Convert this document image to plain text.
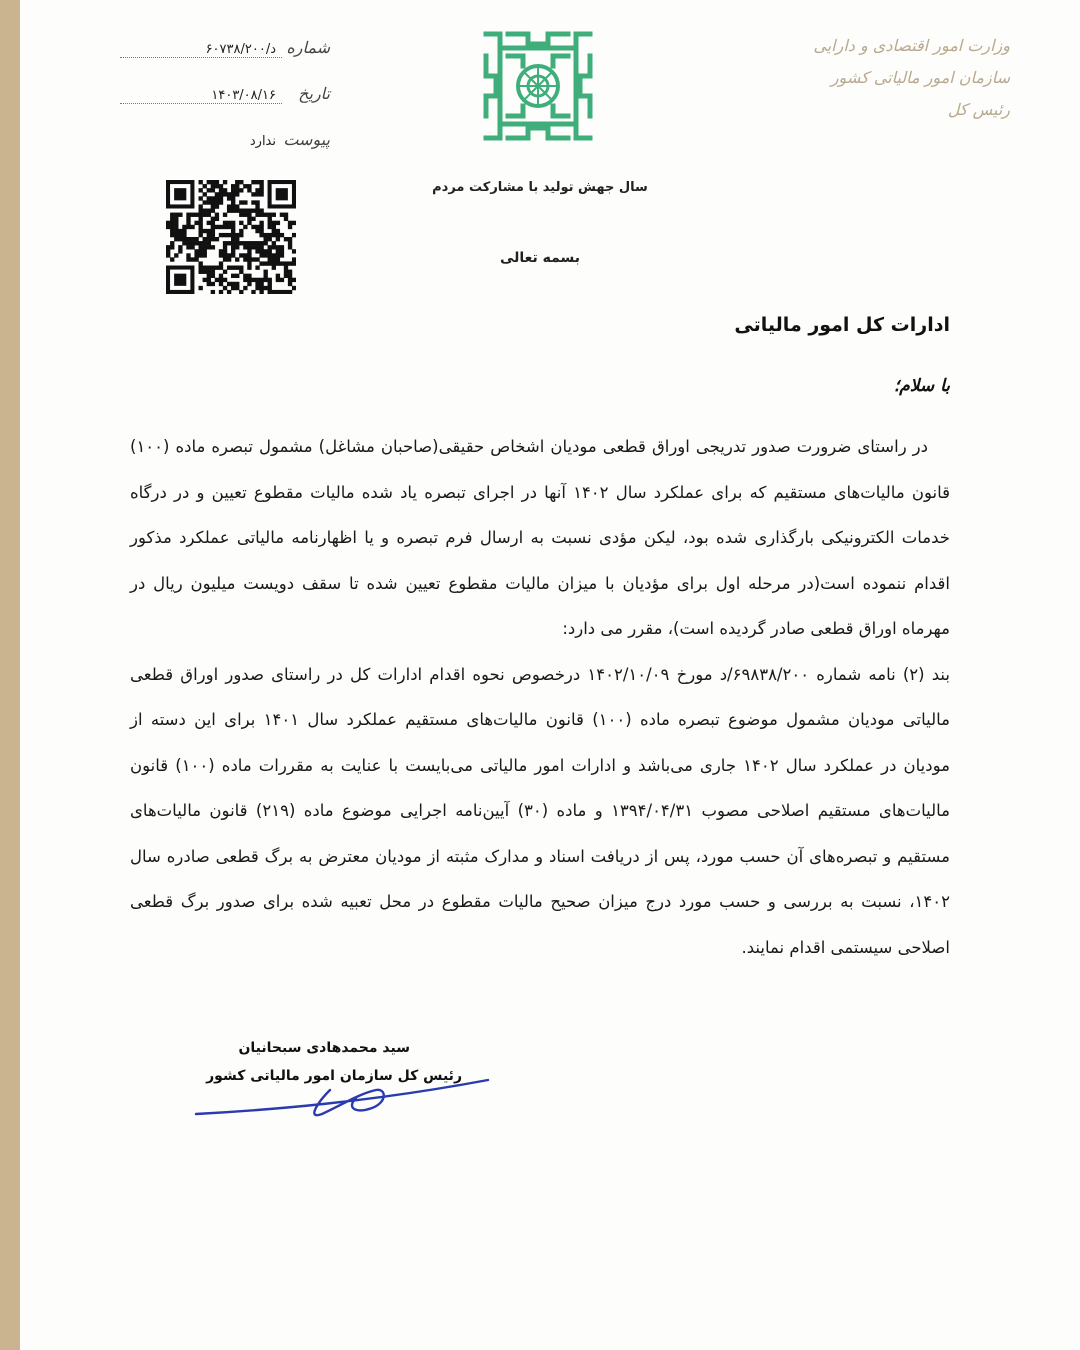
وزارت امور اقتصادی و دارایی
سازمان امور مالیاتی کشور
رئیس کل
سال جهش تولید با مشارکت مردم
بسمه تعالی
شماره
۶۰۷۳۸/۲۰۰/د
تاریخ
۱۴۰۳/۰۸/۱۶
پیوست
ندارد
ادارات کل امور مالیاتی
با سلام؛

در راستای ضرورت صدور تدریجی اوراق قطعی مودیان اشخاص حقیقی(صاحبان مشاغل) مشمول تبصره ماده (۱۰۰) قانون مالیات‌های مستقیم که برای عملکرد سال ۱۴۰۲ آنها در اجرای تبصره یاد شده مالیات مقطوع تعیین و در درگاه خدمات الکترونیکی بارگذاری شده بود، لیکن مؤدی نسبت به ارسال فرم تبصره و یا اظهارنامه مالیاتی عملکرد مذکور اقدام ننموده است(در مرحله اول برای مؤدیان با میزان مالیات مقطوع تعیین شده تا سقف دویست میلیون ریال در مهرماه اوراق قطعی صادر گردیده است)، مقرر می دارد:

بند (۲) نامه شماره ۶۹۸۳۸/۲۰۰/د مورخ ۱۴۰۲/۱۰/۰۹ درخصوص نحوه اقدام ادارات کل در راستای صدور اوراق قطعی مالیاتی مودیان مشمول موضوع تبصره ماده (۱۰۰) قانون مالیات‌های مستقیم عملکرد سال ۱۴۰۱ برای این دسته از مودیان در عملکرد سال ۱۴۰۲ جاری می‌باشد و ادارات امور مالیاتی می‌بایست با عنایت به مقررات ماده (۱۰۰) قانون مالیات‌های مستقیم اصلاحی مصوب ۱۳۹۴/۰۴/۳۱ و ماده (۳۰) آیین‌نامه اجرایی موضوع ماده (۲۱۹) قانون مالیات‌های مستقیم و تبصره‌های آن حسب مورد، پس از دریافت اسناد و مدارک مثبته از مودیان معترض به برگ قطعی صادره سال ۱۴۰۲، نسبت به بررسی و حسب مورد درج میزان صحیح مالیات مقطوع در محل تعبیه شده برای صدور برگ قطعی اصلاحی سیستمی اقدام نمایند.

سید محمدهادی سبحانیان
رئیس کل سازمان امور مالیاتی کشور
